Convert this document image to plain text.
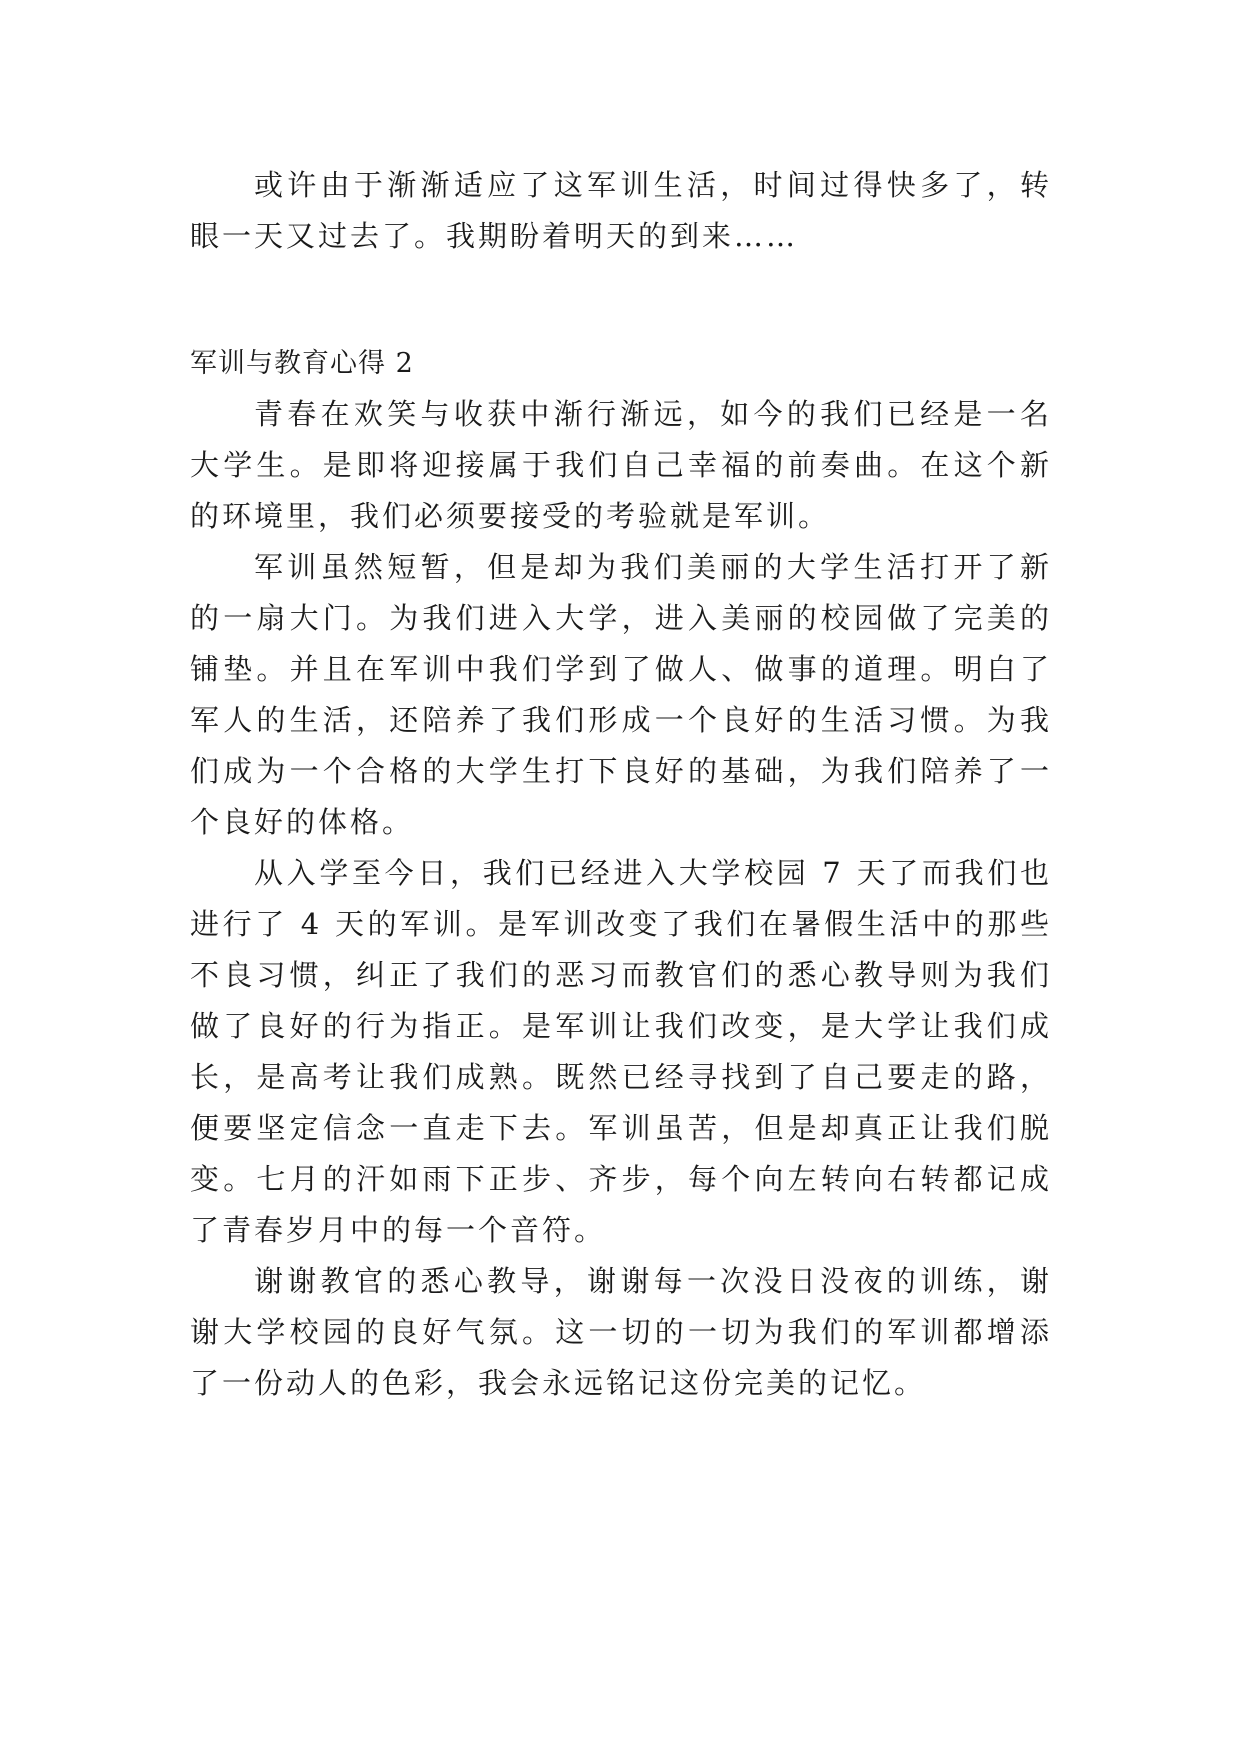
或许由于渐渐适应了这军训生活，时间过得快多了，转眼一天又过去了。我期盼着明天的到来……

军训与教育心得 2

青春在欢笑与收获中渐行渐远，如今的我们已经是一名大学生。是即将迎接属于我们自己幸福的前奏曲。在这个新的环境里，我们必须要接受的考验就是军训。

军训虽然短暂，但是却为我们美丽的大学生活打开了新的一扇大门。为我们进入大学，进入美丽的校园做了完美的铺垫。并且在军训中我们学到了做人、做事的道理。明白了军人的生活，还陪养了我们形成一个良好的生活习惯。为我们成为一个合格的大学生打下良好的基础，为我们陪养了一个良好的体格。

从入学至今日，我们已经进入大学校园 7 天了而我们也进行了 4 天的军训。是军训改变了我们在暑假生活中的那些不良习惯，纠正了我们的恶习而教官们的悉心教导则为我们做了良好的行为指正。是军训让我们改变，是大学让我们成长，是高考让我们成熟。既然已经寻找到了自己要走的路，便要坚定信念一直走下去。军训虽苦，但是却真正让我们脱变。七月的汗如雨下正步、齐步，每个向左转向右转都记成了青春岁月中的每一个音符。

谢谢教官的悉心教导，谢谢每一次没日没夜的训练，谢谢大学校园的良好气氛。这一切的一切为我们的军训都增添了一份动人的色彩，我会永远铭记这份完美的记忆。
